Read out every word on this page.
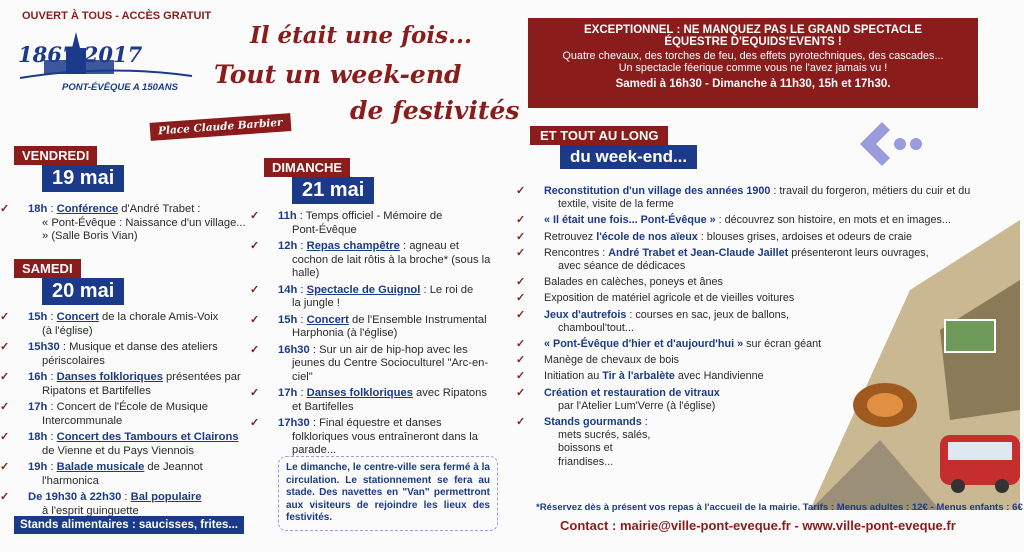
OUVERT À TOUS - ACCÈS GRATUIT
1867 2017
PONT-ÉVÊQUE A 150ANS
Il était une fois...
Tout un week-end
de festivités
Place Claude Barbier
VENDREDI
19 mai
✓ 18h : Conférence d'André Trabet :
« Pont-Évêque : Naissance d'un village... » (Salle Boris Vian)
SAMEDI
20 mai
✓ 15h : Concert de la chorale Amis-Voix
(à l'église)
✓ 15h30 : Musique et danse des ateliers
périscolaires
✓ 16h : Danses folkloriques présentées par
Ripatons et Bartifelles
✓ 17h : Concert de l'École de Musique
Intercommunale
✓ 18h : Concert des Tambours et Clairons
de Vienne et du Pays Viennois
✓ 19h : Balade musicale de Jeannot
l'harmonica
✓ De 19h30 à 22h30 : Bal populaire
à l'esprit guinguette
Stands alimentaires : saucisses, frites...
DIMANCHE
21 mai
✓ 11h : Temps officiel - Mémoire de
Pont-Évêque
✓ 12h : Repas champêtre : agneau et
cochon de lait rôtis à la broche* (sous la halle)
✓ 14h : Spectacle de Guignol : Le roi de
la jungle !
✓ 15h : Concert de l'Ensemble Instrumental
Harphonia (à l'église)
✓ 16h30 : Sur un air de hip-hop avec les
jeunes du Centre Socioculturel "Arc-en-ciel"
✓ 17h : Danses folkloriques avec Ripatons
et Bartifelles
✓ 17h30 : Final équestre et danses
folkloriques vous entraîneront dans la parade...
Le dimanche, le centre-ville sera fermé à la circulation. Le stationnement se fera au stade. Des navettes en "Van" permettront aux visiteurs de rejoindre les lieux des festivités.
EXCEPTIONNEL : NE MANQUEZ PAS LE GRAND SPECTACLE
ÉQUESTRE D'EQUIDS'EVENTS !
Quatre chevaux, des torches de feu, des effets pyrotechniques, des cascades...
Un spectacle féerique comme vous ne l'avez jamais vu !
Samedi à 16h30 - Dimanche à 11h30, 15h et 17h30.
ET TOUT AU LONG
du week-end...
✓ Reconstitution d'un village des années 1900 : travail du forgeron, métiers du cuir et du
textile, visite de la ferme
✓ « Il était une fois... Pont-Évêque » : découvrez son histoire, en mots et en images...
✓ Retrouvez l'école de nos aïeux : blouses grises, ardoises et odeurs de craie
✓ Rencontres : André Trabet et Jean-Claude Jaillet présenteront leurs ouvrages,
avec séance de dédicaces
✓ Balades en calèches, poneys et ânes
✓ Exposition de matériel agricole et de vieilles voitures
✓ Jeux d'autrefois : courses en sac, jeux de ballons,
chamboul'tout...
✓ « Pont-Évêque d'hier et d'aujourd'hui » sur écran géant
✓ Manège de chevaux de bois
✓ Initiation au Tir à l'arbalète avec Handivienne
✓ Création et restauration de vitraux
par l'Atelier Lum'Verre (à l'église)
✓ Stands gourmands :
mets sucrés, salés,
boissons et
friandises...
*Réservez dès à présent vos repas à l'accueil de la mairie. Tarifs : Menus adultes : 12€ - Menus enfants : 6€
Contact : mairie@ville-pont-eveque.fr - www.ville-pont-eveque.fr
